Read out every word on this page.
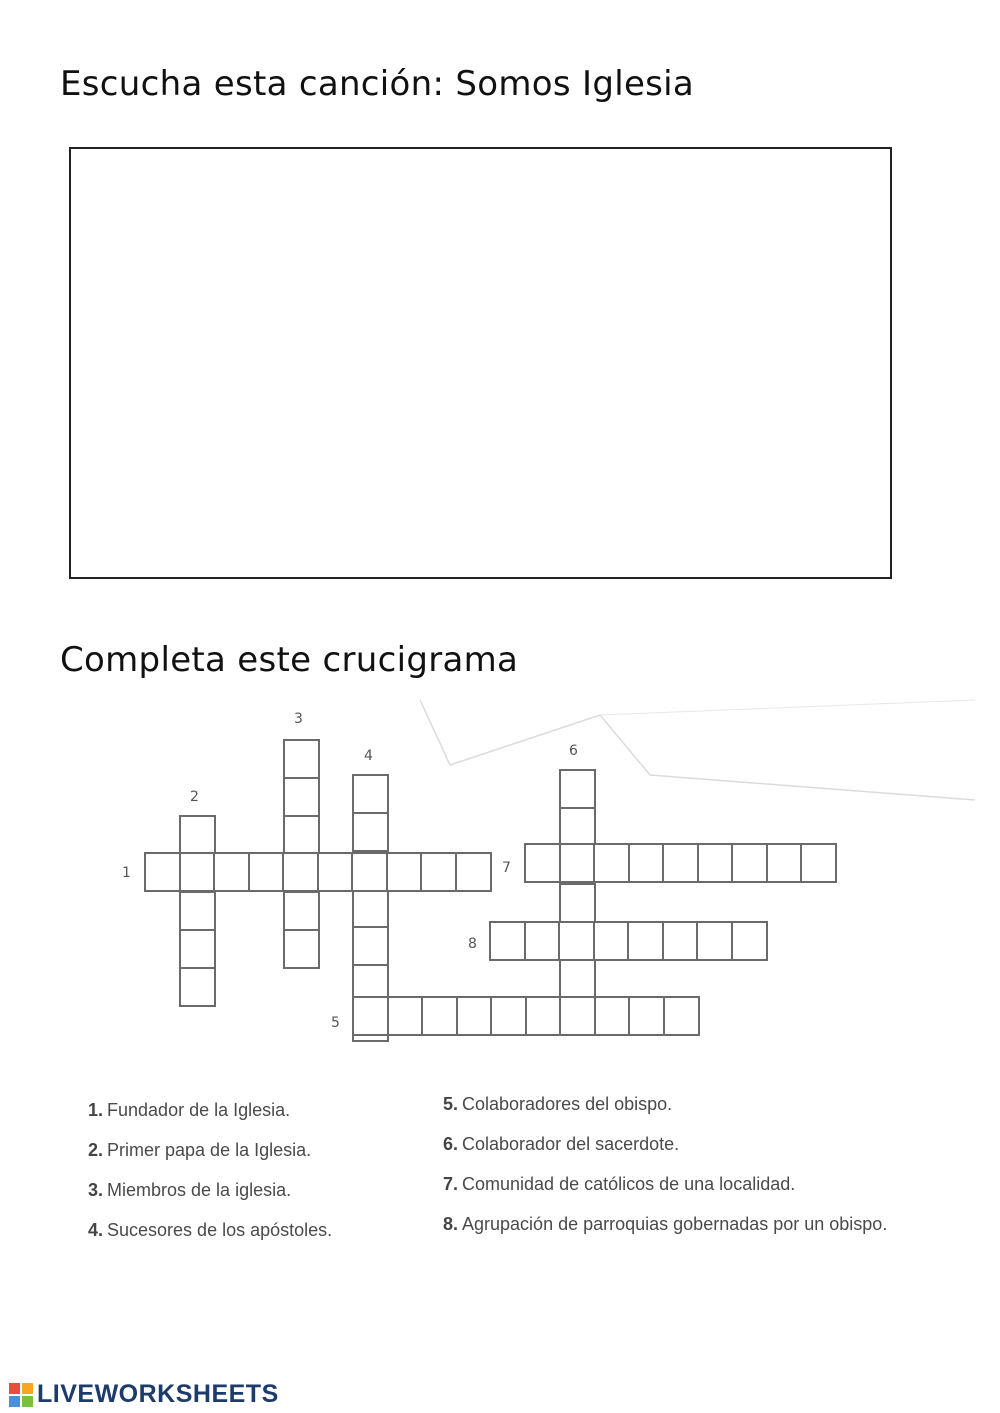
Escucha esta canción: Somos Iglesia
Completa este crucigrama
1
2
3
4
5
6
7
8
1. Fundador de la Iglesia.
2. Primer papa de la Iglesia.
3. Miembros de la iglesia.
4. Sucesores de los apóstoles.
5. Colaboradores del obispo.
6. Colaborador del sacerdote.
7. Comunidad de católicos de una localidad.
8. Agrupación de parroquias gobernadas por un obispo.
LIVEWORKSHEETS
